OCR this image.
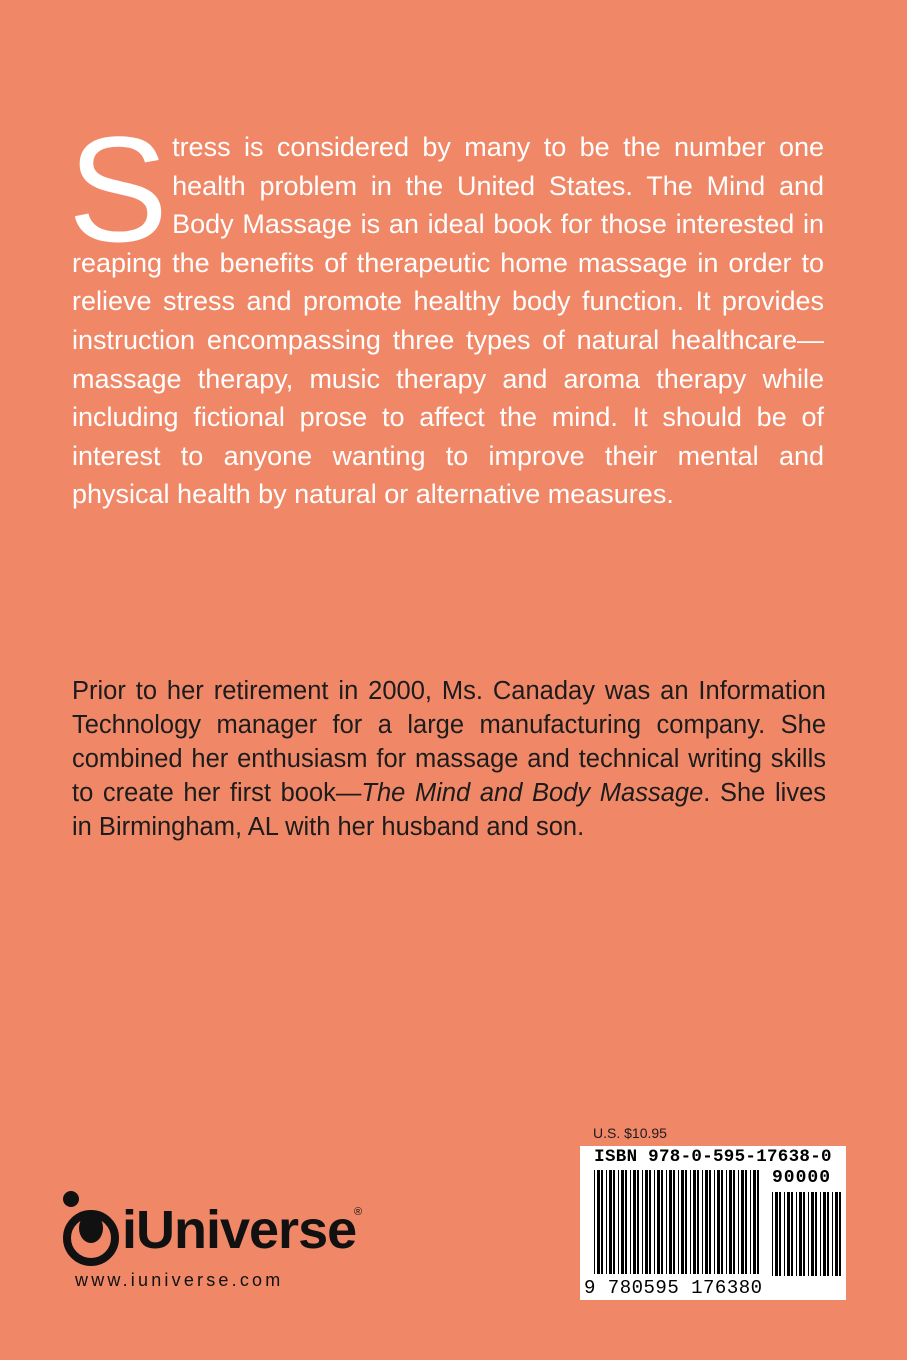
Stress is considered by many to be the number one health problem in the United States. The Mind and Body Massage is an ideal book for those interested in reaping the benefits of therapeutic home massage in order to relieve stress and promote healthy body function. It provides instruction encompassing three types of natural healthcare—massage therapy, music therapy and aroma therapy while including fictional prose to affect the mind. It should be of interest to anyone wanting to improve their mental and physical health by natural or alternative measures.

Prior to her retirement in 2000, Ms. Canaday was an Information Technology manager for a large manufacturing company. She combined her enthusiasm for massage and technical writing skills to create her first book—The Mind and Body Massage. She lives in Birmingham, AL with her husband and son.

U.S. $10.95
ISBN 978-0-595-17638-0
90000
9 780595 176380
iUniverse
®
www.iuniverse.com
